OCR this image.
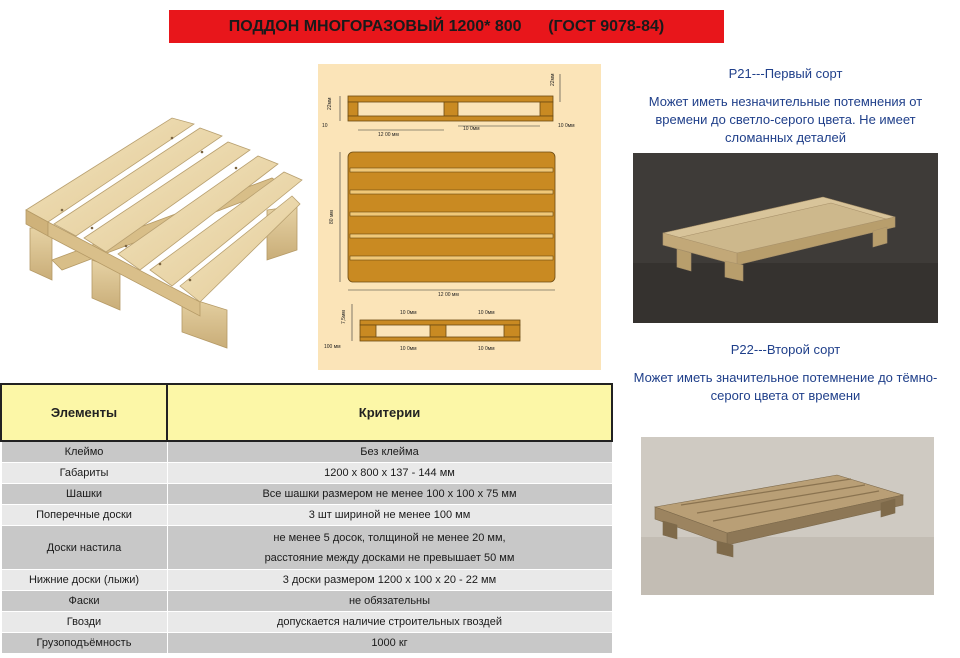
ПОДДОН МНОГОРАЗОВЫЙ 1200* 800      (ГОСТ 9078-84)
22мм
22мм
10
12 00 мм
10 0мм	10 0мм
80 мм
12 00 мм
7,5мм
100 мм
10 0мм	10 0мм
10 0мм	10 0мм
Р21---Первый сорт
Может иметь незначительные потемнения от времени до светло-серого цвета. Не имеет сломанных деталей
Р22---Второй сорт
Может иметь значительное потемнение до тёмно-серого цвета от времени
Элементы	Критерии
Клеймо	Без клейма
Габариты	1200 х 800 х 137 - 144 мм
Шашки	Все шашки размером не менее 100 х 100 х 75 мм
Поперечные доски	3 шт шириной не менее 100 мм
Доски настила	не менее 5 досок, толщиной не менее 20 мм,
расстояние между досками не превышает 50 мм

Нижние доски (лыжи)	3 доски размером 1200 х 100 х 20 - 22 мм
Фаски	не обязательны
Гвозди	допускается наличие строительных гвоздей
Грузоподъёмность	1000 кг
